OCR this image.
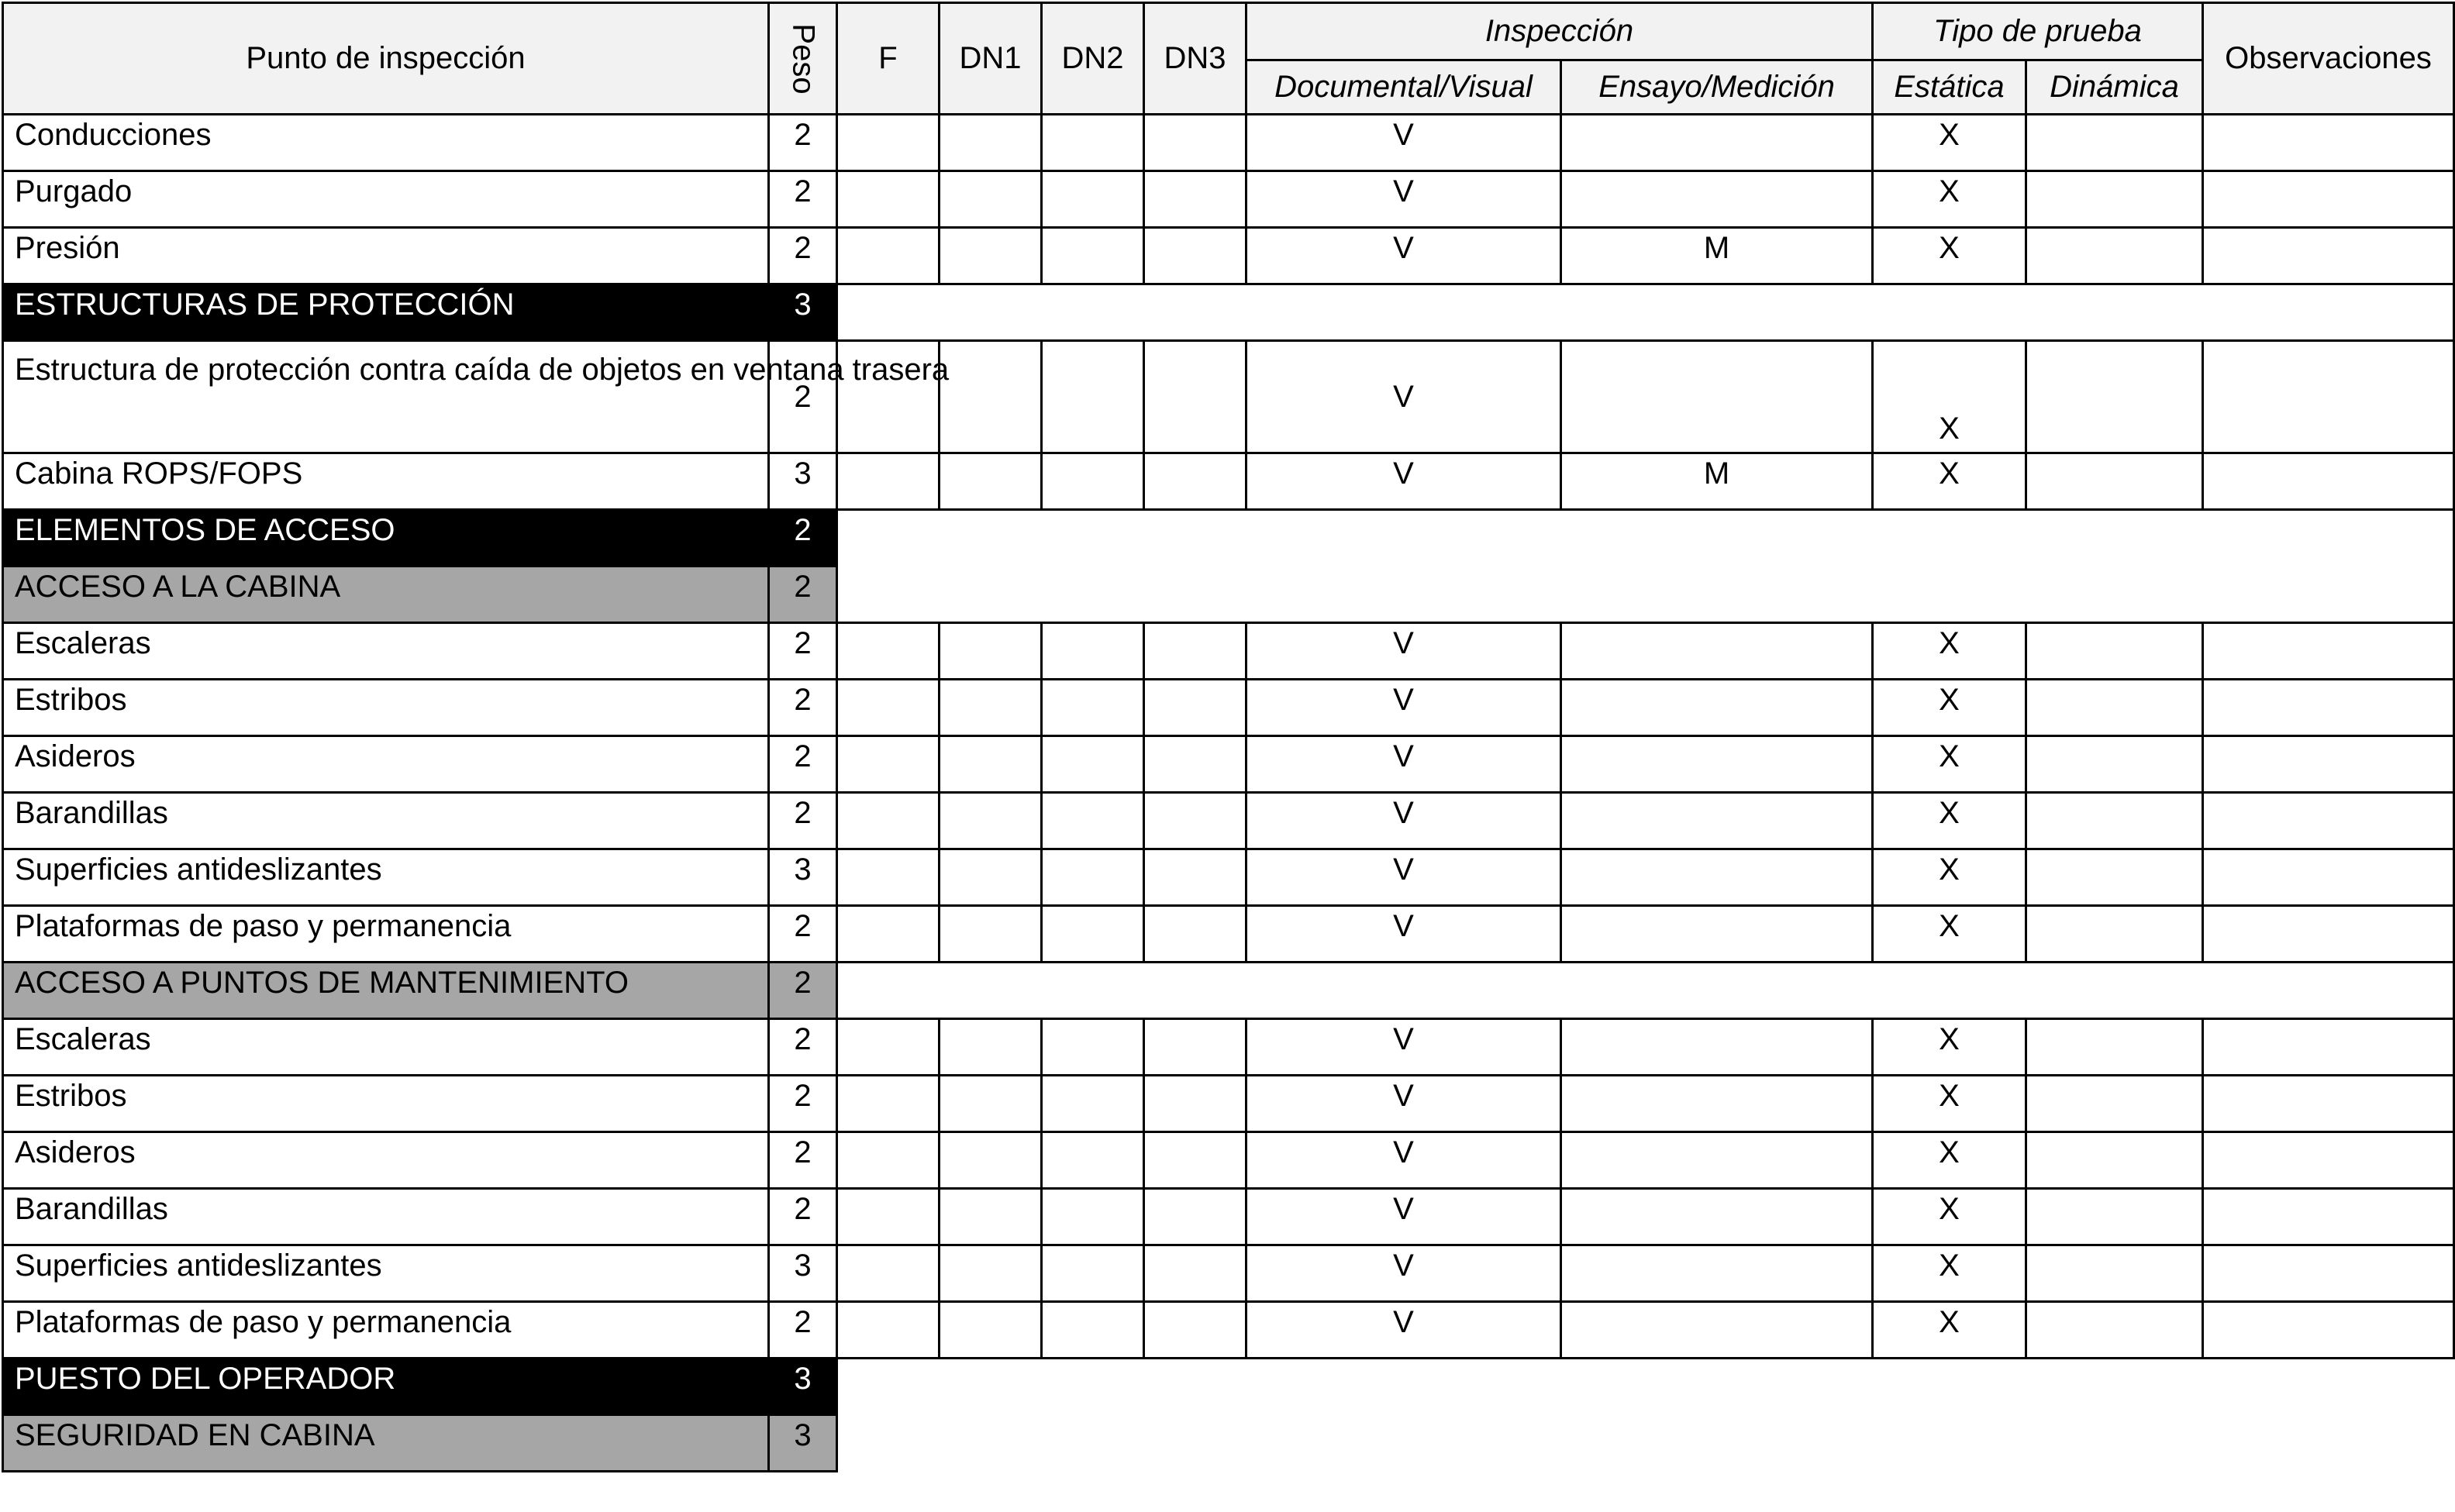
Punto de inspección	Peso	F	DN1	DN2	DN3	Inspección		Tipo de prueba		Observaciones
						Documental/Visual	Ensayo/Medición	Estática	Dinámica	
Conducciones	2					V		X		
Purgado	2					V		X		
Presión	2					V	M	X		
ESTRUCTURAS DE PROTECCIÓN	3									
Estructura de protección contra caída de objetos en ventana trasera	2					V		X		
Cabina ROPS/FOPS	3					V	M	X		
ELEMENTOS DE ACCESO	2									
ACCESO A LA CABINA	2									
Escaleras	2					V		X		
Estribos	2					V		X		
Asideros	2					V		X		
Barandillas	2					V		X		
Superficies antideslizantes	3					V		X		
Plataformas de paso y permanencia	2					V		X		
ACCESO A PUNTOS DE MANTENIMIENTO	2									
Escaleras	2					V		X		
Estribos	2					V		X		
Asideros	2					V		X		
Barandillas	2					V		X		
Superficies antideslizantes	3					V		X		
Plataformas de paso y permanencia	2					V		X		
PUESTO DEL OPERADOR	3									
SEGURIDAD EN CABINA	3									
